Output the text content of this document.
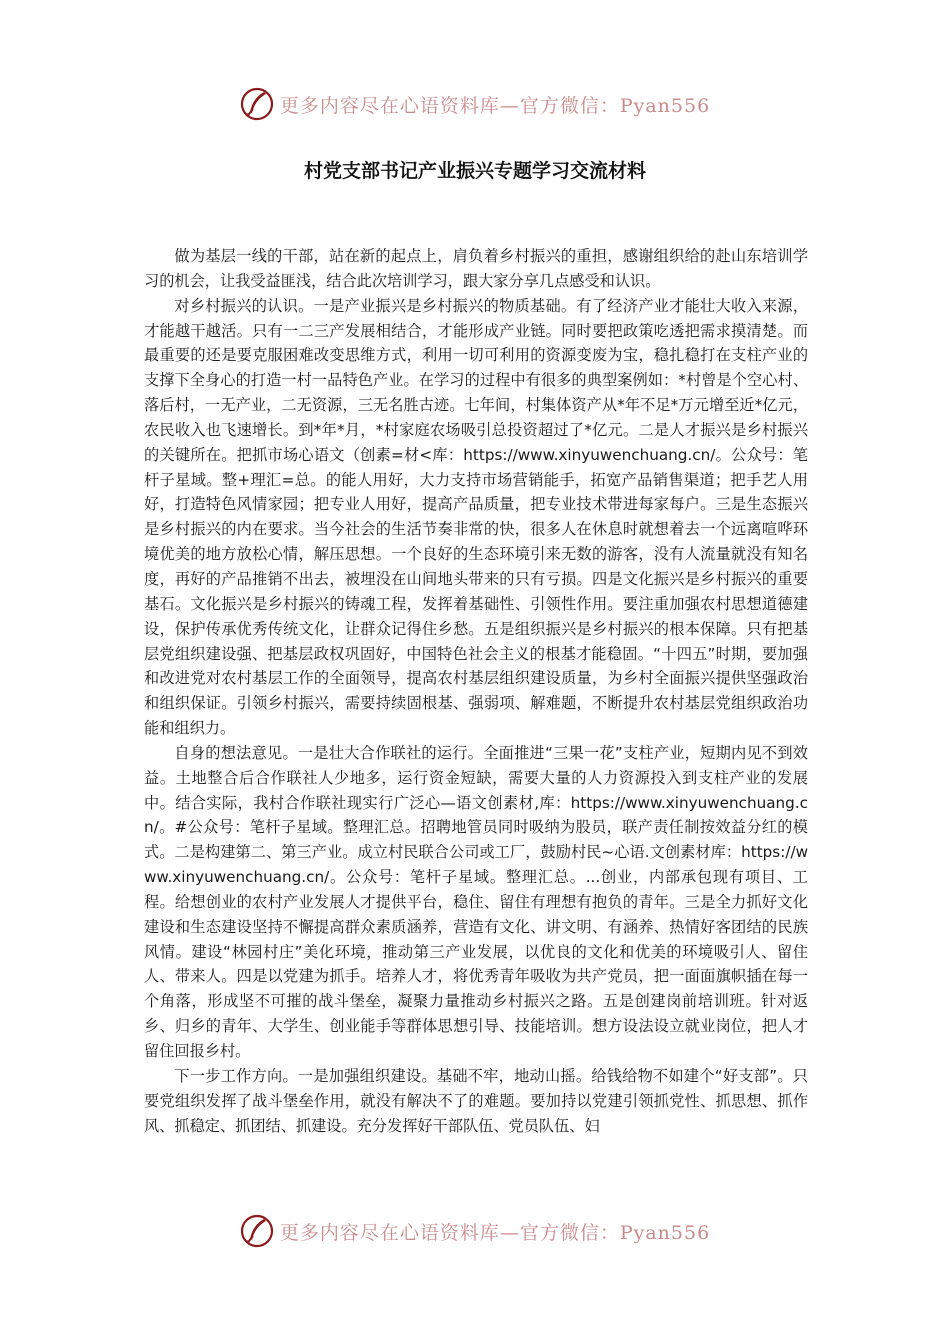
更多内容尽在心语资料库—官方微信：Pyan556
村党支部书记产业振兴专题学习交流材料

做为基层一线的干部，站在新的起点上，肩负着乡村振兴的重担，感谢组织给的赴山东培训学习的机会，让我受益匪浅，结合此次培训学习，跟大家分享几点感受和认识。

对乡村振兴的认识。一是产业振兴是乡村振兴的物质基础。有了经济产业才能壮大收入来源，才能越干越活。只有一二三产发展相结合，才能形成产业链。同时要把政策吃透把需求摸清楚。而最重要的还是要克服困难改变思维方式，利用一切可利用的资源变废为宝，稳扎稳打在支柱产业的支撑下全身心的打造一村一品特色产业。在学习的过程中有很多的典型案例如：*村曾是个空心村、落后村，一无产业，二无资源，三无名胜古迹。七年间，村集体资产从*年不足*万元增至近*亿元，农民收入也飞速增长。到*年*月，*村家庭农场吸引总投资超过了*亿元。二是人才振兴是乡村振兴的关键所在。把抓市场心语文（创素=材<库：https://www.xinyuwenchuang.cn/。公众号：笔杆子星域。整+理汇=总。的能人用好，大力支持市场营销能手，拓宽产品销售渠道；把手艺人用好，打造特色风情家园；把专业人用好，提高产品质量，把专业技术带进每家每户。三是生态振兴是乡村振兴的内在要求。当今社会的生活节奏非常的快，很多人在休息时就想着去一个远离喧哗环境优美的地方放松心情，解压思想。一个良好的生态环境引来无数的游客，没有人流量就没有知名度，再好的产品推销不出去，被埋没在山间地头带来的只有亏损。四是文化振兴是乡村振兴的重要基石。文化振兴是乡村振兴的铸魂工程，发挥着基础性、引领性作用。要注重加强农村思想道德建设，保护传承优秀传统文化，让群众记得住乡愁。五是组织振兴是乡村振兴的根本保障。只有把基层党组织建设强、把基层政权巩固好，中国特色社会主义的根基才能稳固。“十四五”时期，要加强和改进党对农村基层工作的全面领导，提高农村基层组织建设质量，为乡村全面振兴提供坚强政治和组织保证。引领乡村振兴，需要持续固根基、强弱项、解难题，不断提升农村基层党组织政治功能和组织力。

自身的想法意见。一是壮大合作联社的运行。全面推进“三果一花”支柱产业，短期内见不到效益。土地整合后合作联社人少地多，运行资金短缺，需要大量的人力资源投入到支柱产业的发展中。结合实际，我村合作联社现实行广泛心—语文创素材,库：https://www.xinyuwenchuang.cn/。#公众号：笔杆子星域。整理汇总。招聘地管员同时吸纳为股员，联产责任制按效益分红的模式。二是构建第二、第三产业。成立村民联合公司或工厂，鼓励村民~心语.文创素材库：https://www.xinyuwenchuang.cn/。公众号：笔杆子星域。整理汇总。...创业，内部承包现有项目、工程。给想创业的农村产业发展人才提供平台，稳住、留住有理想有抱负的青年。三是全力抓好文化建设和生态建设坚持不懈提高群众素质涵养，营造有文化、讲文明、有涵养、热情好客团结的民族风情。建设“林园村庄”美化环境，推动第三产业发展，以优良的文化和优美的环境吸引人、留住人、带来人。四是以党建为抓手。培养人才，将优秀青年吸收为共产党员，把一面面旗帜插在每一个角落，形成坚不可摧的战斗堡垒，凝聚力量推动乡村振兴之路。五是创建岗前培训班。针对返乡、归乡的青年、大学生、创业能手等群体思想引导、技能培训。想方设法设立就业岗位，把人才留住回报乡村。

下一步工作方向。一是加强组织建设。基础不牢，地动山摇。给钱给物不如建个“好支部”。只要党组织发挥了战斗堡垒作用，就没有解决不了的难题。要加持以党建引领抓党性、抓思想、抓作风、抓稳定、抓团结、抓建设。充分发挥好干部队伍、党员队伍、妇

更多内容尽在心语资料库—官方微信：Pyan556
